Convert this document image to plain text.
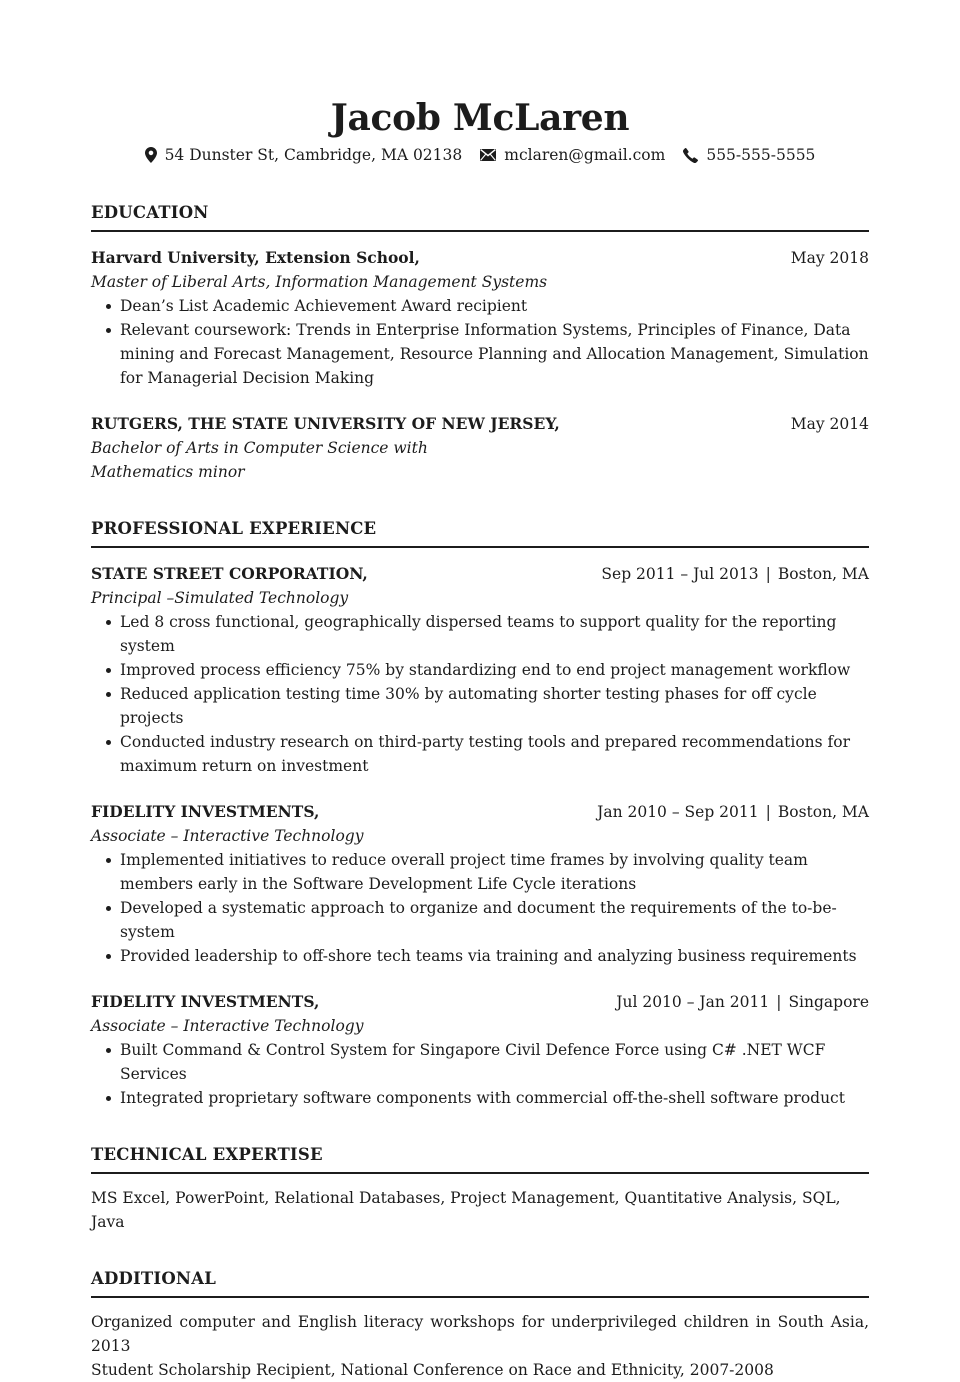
Jacob McLaren
54 Dunster St, Cambridge, MA 02138	mclaren@gmail.com	555-555-5555
EDUCATION
Harvard University, Extension School,	May 2018
Master of Liberal Arts, Information Management Systems
Dean’s List Academic Achievement Award recipient
Relevant coursework: Trends in Enterprise Information Systems, Principles of Finance, Data mining and Forecast Management, Resource Planning and Allocation Management, Simulation for Managerial Decision Making
RUTGERS, THE STATE UNIVERSITY OF NEW JERSEY,	May 2014
Bachelor of Arts in Computer Science with Mathematics minor
PROFESSIONAL EXPERIENCE
STATE STREET CORPORATION,	Sep 2011 – Jul 2013 | Boston, MA
Principal –Simulated Technology
Led 8 cross functional, geographically dispersed teams to support quality for the reporting system
Improved process efficiency 75% by standardizing end to end project management workflow
Reduced application testing time 30% by automating shorter testing phases for off cycle projects
Conducted industry research on third-party testing tools and prepared recommendations for maximum return on investment
FIDELITY INVESTMENTS,	Jan 2010 – Sep 2011 | Boston, MA
Associate – Interactive Technology
Implemented initiatives to reduce overall project time frames by involving quality team members early in the Software Development Life Cycle iterations
Developed a systematic approach to organize and document the requirements of the to-be-system
Provided leadership to off-shore tech teams via training and analyzing business requirements
FIDELITY INVESTMENTS,	Jul 2010 – Jan 2011 | Singapore
Associate – Interactive Technology
Built Command & Control System for Singapore Civil Defence Force using C# .NET WCF Services
Integrated proprietary software components with commercial off-the-shell software product
TECHNICAL EXPERTISE
MS Excel, PowerPoint, Relational Databases, Project Management, Quantitative Analysis, SQL, Java
ADDITIONAL

Organized computer and English literacy workshops for underprivileged children in South Asia, 2013

Student Scholarship Recipient, National Conference on Race and Ethnicity, 2007-2008
